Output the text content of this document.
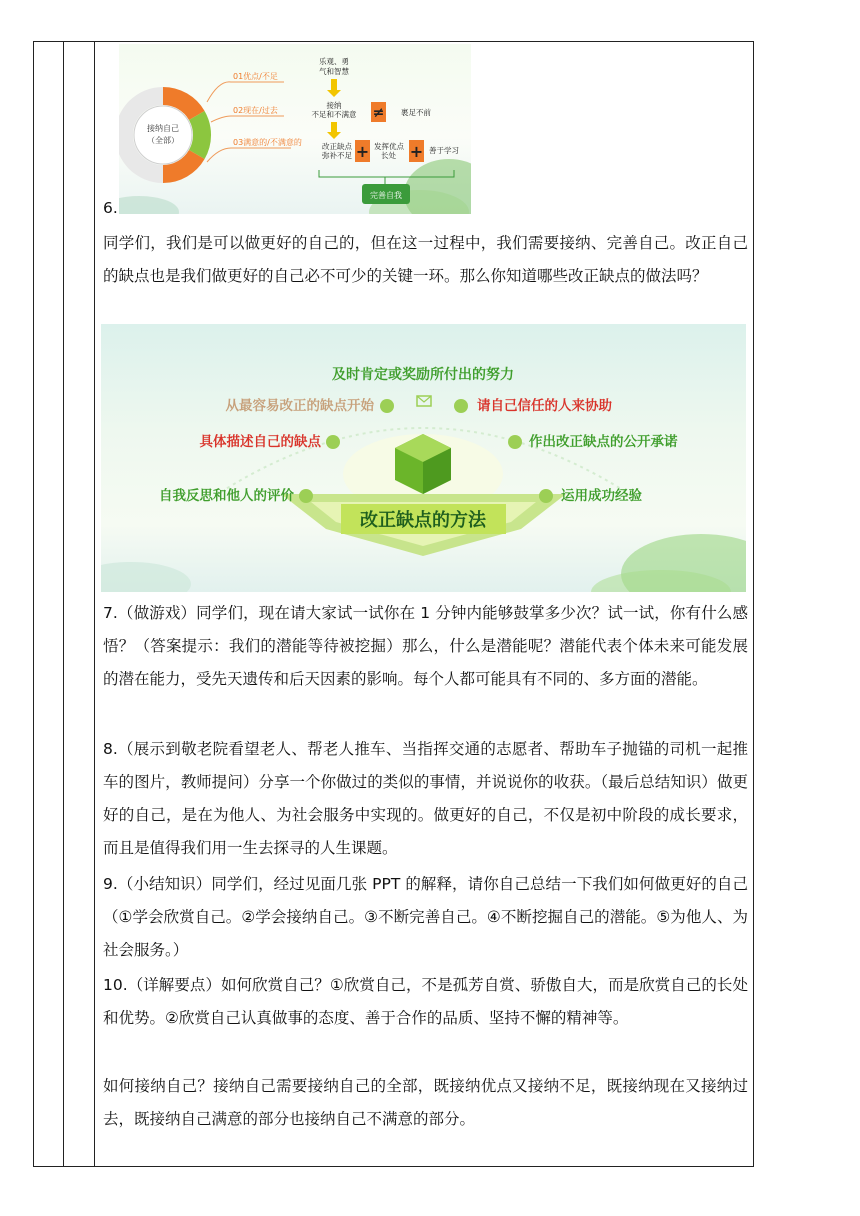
接纳自己
（全部）
01优点/不足
02现在/过去
03满意的/不满意的
乐观、勇
气和智慧
接纳
不足和不满意 ≠ 裹足不前
改正缺点
弥补不足 + 发挥优点
长处 + 善于学习
完善自我
6.

同学们，我们是可以做更好的自己的，但在这一过程中，我们需要接纳、完善自己。改正自己的缺点也是我们做更好的自己必不可少的关键一环。那么你知道哪些改正缺点的做法吗？

改正缺点的方法
及时肯定或奖励所付出的努力
从最容易改正的缺点开始
具体描述自己的缺点
自我反思和他人的评价
请自己信任的人来协助
作出改正缺点的公开承诺
运用成功经验

7.（做游戏）同学们，现在请大家试一试你在 1 分钟内能够鼓掌多少次？试一试，你有什么感悟？（答案提示：我们的潜能等待被挖掘）那么，什么是潜能呢？潜能代表个体未来可能发展的潜在能力，受先天遗传和后天因素的影响。每个人都可能具有不同的、多方面的潜能。

8.（展示到敬老院看望老人、帮老人推车、当指挥交通的志愿者、帮助车子抛锚的司机一起推车的图片，教师提问）分享一个你做过的类似的事情，并说说你的收获。（最后总结知识）做更好的自己，是在为他人、为社会服务中实现的。做更好的自己，不仅是初中阶段的成长要求，而且是值得我们用一生去探寻的人生课题。

9.（小结知识）同学们，经过见面几张 PPT 的解释，请你自己总结一下我们如何做更好的自己（①学会欣赏自己。②学会接纳自己。③不断完善自己。④不断挖掘自己的潜能。⑤为他人、为社会服务。）

10.（详解要点）如何欣赏自己？①欣赏自己，不是孤芳自赏、骄傲自大，而是欣赏自己的长处和优势。②欣赏自己认真做事的态度、善于合作的品质、坚持不懈的精神等。

如何接纳自己？接纳自己需要接纳自己的全部，既接纳优点又接纳不足，既接纳现在又接纳过去，既接纳自己满意的部分也接纳自己不满意的部分。
